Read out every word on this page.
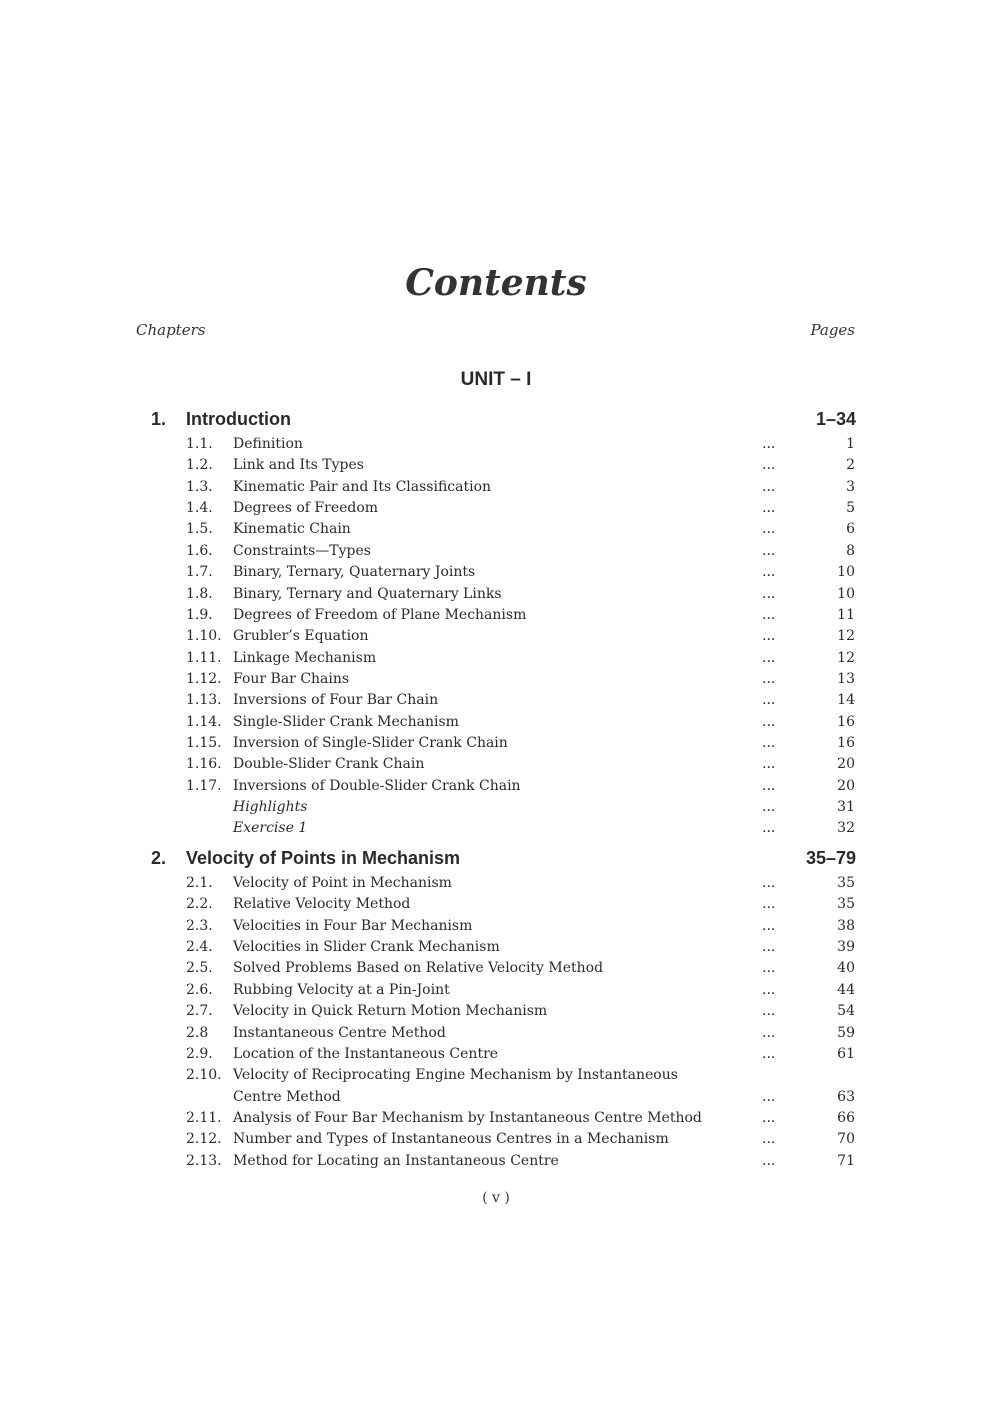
Contents
Chapters	Pages
UNIT – I
1. Introduction	1–34
1.1. Definition	...	1
1.2. Link and Its Types	...	2
1.3. Kinematic Pair and Its Classification	...	3
1.4. Degrees of Freedom	...	5
1.5. Kinematic Chain	...	6
1.6. Constraints—Types	...	8
1.7. Binary, Ternary, Quaternary Joints	...	10
1.8. Binary, Ternary and Quaternary Links	...	10
1.9. Degrees of Freedom of Plane Mechanism	...	11
1.10. Grubler’s Equation	...	12
1.11. Linkage Mechanism	...	12
1.12. Four Bar Chains	...	13
1.13. Inversions of Four Bar Chain	...	14
1.14. Single-Slider Crank Mechanism	...	16
1.15. Inversion of Single-Slider Crank Chain	...	16
1.16. Double-Slider Crank Chain	...	20
1.17. Inversions of Double-Slider Crank Chain	...	20
Highlights	...	31
Exercise 1	...	32
2. Velocity of Points in Mechanism	35–79
2.1. Velocity of Point in Mechanism	...	35
2.2. Relative Velocity Method	...	35
2.3. Velocities in Four Bar Mechanism	...	38
2.4. Velocities in Slider Crank Mechanism	...	39
2.5. Solved Problems Based on Relative Velocity Method	...	40
2.6. Rubbing Velocity at a Pin-Joint	...	44
2.7. Velocity in Quick Return Motion Mechanism	...	54
2.8 Instantaneous Centre Method	...	59
2.9. Location of the Instantaneous Centre	...	61
2.10. Velocity of Reciprocating Engine Mechanism by Instantaneous
Centre Method	...	63
2.11. Analysis of Four Bar Mechanism by Instantaneous Centre Method	...	66
2.12. Number and Types of Instantaneous Centres in a Mechanism	...	70
2.13. Method for Locating an Instantaneous Centre	...	71
( v )
